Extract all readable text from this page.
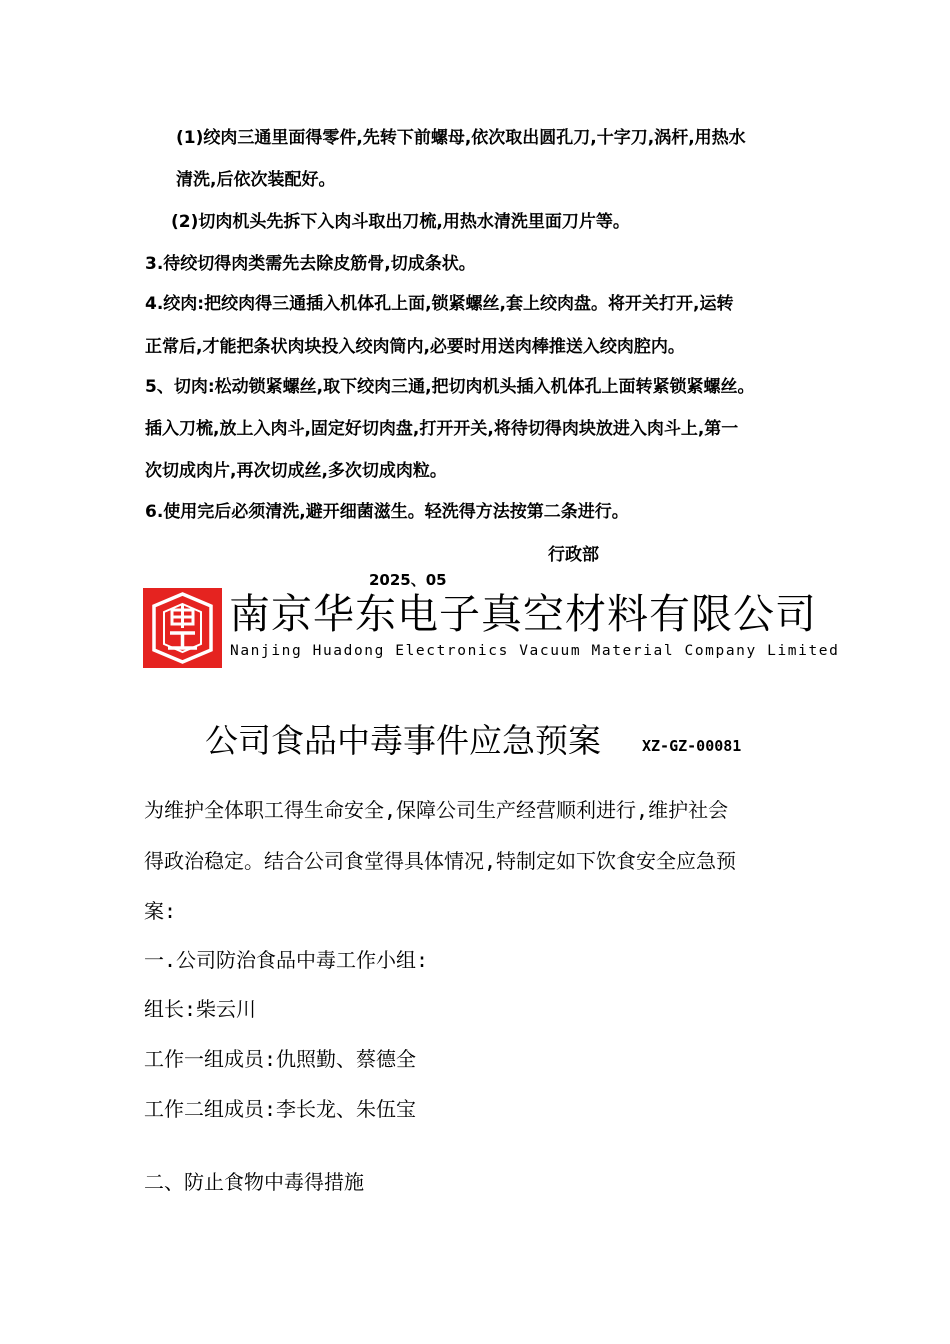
(1)绞肉三通里面得零件,先转下前螺母,依次取出圆孔刀,十字刀,涡杆,用热水
清洗,后依次装配好。
(2)切肉机头先拆下入肉斗取出刀梳,用热水清洗里面刀片等。
3.待绞切得肉类需先去除皮筋骨,切成条状。
4.绞肉:把绞肉得三通插入机体孔上面,锁紧螺丝,套上绞肉盘。将开关打开,运转
正常后,才能把条状肉块投入绞肉筒内,必要时用送肉棒推送入绞肉腔内。
5、切肉:松动锁紧螺丝,取下绞肉三通,把切肉机头插入机体孔上面转紧锁紧螺丝。
插入刀梳,放上入肉斗,固定好切肉盘,打开开关,将待切得肉块放进入肉斗上,第一
次切成肉片,再次切成丝,多次切成肉粒。
6.使用完后必须清洗,避开细菌滋生。轻洗得方法按第二条进行。
行政部
2025、05
南京华东电子真空材料有限公司
Nanjing Huadong Electronics Vacuum Material Company Limited
公司食品中毒事件应急预案	XZ-GZ-00081
为维护全体职工得生命安全,保障公司生产经营顺利进行,维护社会
得政治稳定。结合公司食堂得具体情况,特制定如下饮食安全应急预
案:
一.公司防治食品中毒工作小组:
组长:柴云川
工作一组成员:仇照勤、蔡德全
工作二组成员:李长龙、朱伍宝
二、防止食物中毒得措施
